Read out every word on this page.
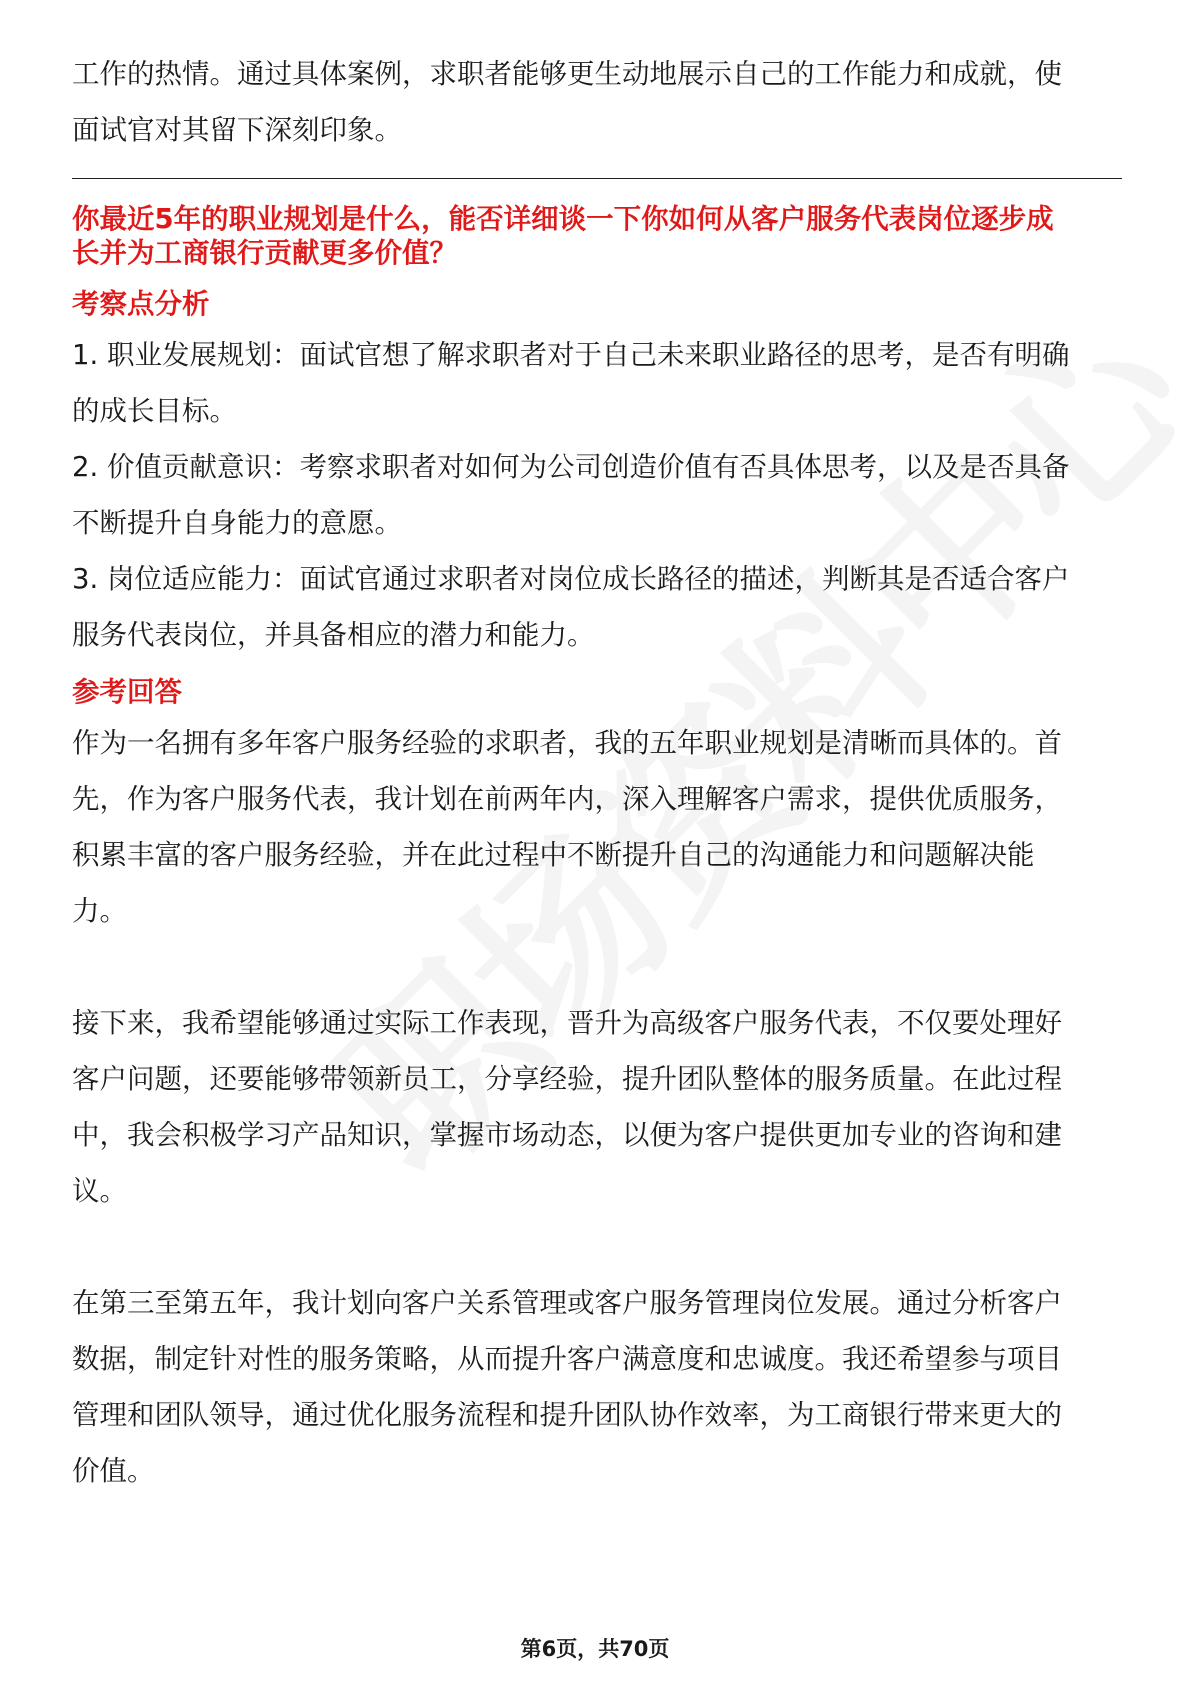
工作的热情。通过具体案例，求职者能够更生动地展示自己的工作能力和成就，使

面试官对其留下深刻印象。

你最近5年的职业规划是什么，能否详细谈一下你如何从客户服务代表岗位逐步成
长并为工商银行贡献更多价值？
考察点分析

1. 职业发展规划：面试官想了解求职者对于自己未来职业路径的思考，是否有明确

的成长目标。

2. 价值贡献意识：考察求职者对如何为公司创造价值有否具体思考，以及是否具备

不断提升自身能力的意愿。

3. 岗位适应能力：面试官通过求职者对岗位成长路径的描述，判断其是否适合客户

服务代表岗位，并具备相应的潜力和能力。

参考回答

作为一名拥有多年客户服务经验的求职者，我的五年职业规划是清晰而具体的。首

先，作为客户服务代表，我计划在前两年内，深入理解客户需求，提供优质服务，

积累丰富的客户服务经验，并在此过程中不断提升自己的沟通能力和问题解决能

力。

接下来，我希望能够通过实际工作表现，晋升为高级客户服务代表，不仅要处理好

客户问题，还要能够带领新员工，分享经验，提升团队整体的服务质量。在此过程

中，我会积极学习产品知识，掌握市场动态，以便为客户提供更加专业的咨询和建

议。

在第三至第五年，我计划向客户关系管理或客户服务管理岗位发展。通过分析客户

数据，制定针对性的服务策略，从而提升客户满意度和忠诚度。我还希望参与项目

管理和团队领导，通过优化服务流程和提升团队协作效率，为工商银行带来更大的

价值。

第6页，共70页
